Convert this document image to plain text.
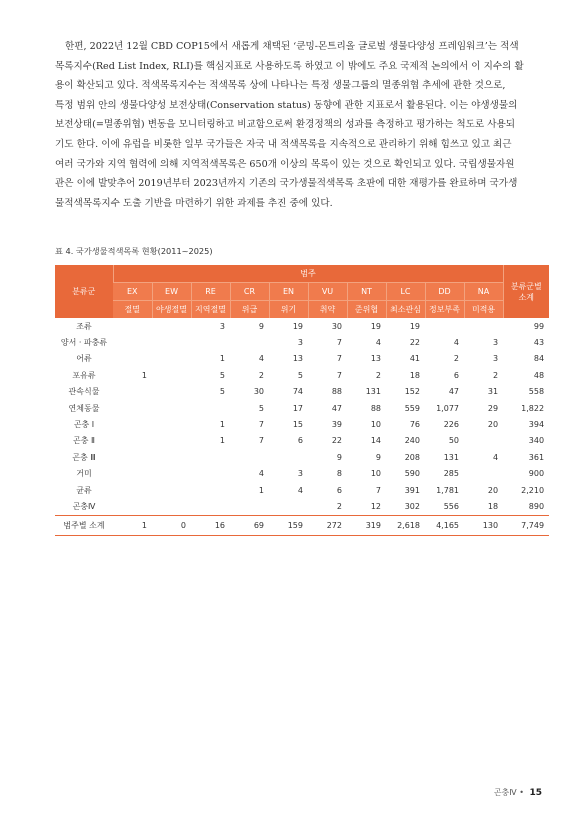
한편, 2022년 12월 CBD COP15에서 새롭게 채택된 ‘쿤밍-몬트리올 글로벌 생물다양성 프레임워크’는 적색
목록지수(Red List Index, RLI)를 핵심지표로 사용하도록 하였고 이 밖에도 주요 국제적 논의에서 이 지수의 활
용이 확산되고 있다. 적색목록지수는 적색목록 상에 나타나는 특정 생물그룹의 멸종위협 추세에 관한 것으로,
특정 범위 안의 생물다양성 보전상태(Conservation status) 동향에 관한 지표로서 활용된다. 이는 야생생물의
보전상태(=멸종위협) 변동을 모니터링하고 비교함으로써 환경정책의 성과를 측정하고 평가하는 척도로 사용되
기도 한다. 이에 유럽을 비롯한 일부 국가들은 자국 내 적색목록을 지속적으로 관리하기 위해 힘쓰고 있고 최근
여러 국가와 지역 협력에 의해 지역적색목록은 650개 이상의 목록이 있는 것으로 확인되고 있다. 국립생물자원
관은 이에 발맞추어 2019년부터 2023년까지 기존의 국가생물적색목록 초판에 대한 재평가를 완료하며 국가생
물적색목록지수 도출 기반을 마련하기 위한 과제를 추진 중에 있다.

표 4. 국가생물적색목록 현황(2011~2025)
분류군	범주										분류군별 소계
	EX	EW	RE	CR	EN	VU	NT	LC	DD	NA	
	절멸	야생절멸	지역절멸	위급	위기	취약	준위협	최소관심	정보부족	미적용	
조류			3	9	19	30	19	19			99
양서 · 파충류					3	7	4	22	4	3	43
어류			1	4	13	7	13	41	2	3	84
포유류	1		5	2	5	7	2	18	6	2	48
관속식물			5	30	74	88	131	152	47	31	558
연체동물				5	17	47	88	559	1,077	29	1,822
곤충 Ⅰ			1	7	15	39	10	76	226	20	394
곤충 Ⅱ			1	7	6	22	14	240	50		340
곤충 Ⅲ						9	9	208	131	4	361
거미				4	3	8	10	590	285		900
균류				1	4	6	7	391	1,781	20	2,210
곤충Ⅳ						2	12	302	556	18	890
범주별 소계	1	0	16	69	159	272	319	2,618	4,165	130	7,749
곤충Ⅳ • 15
